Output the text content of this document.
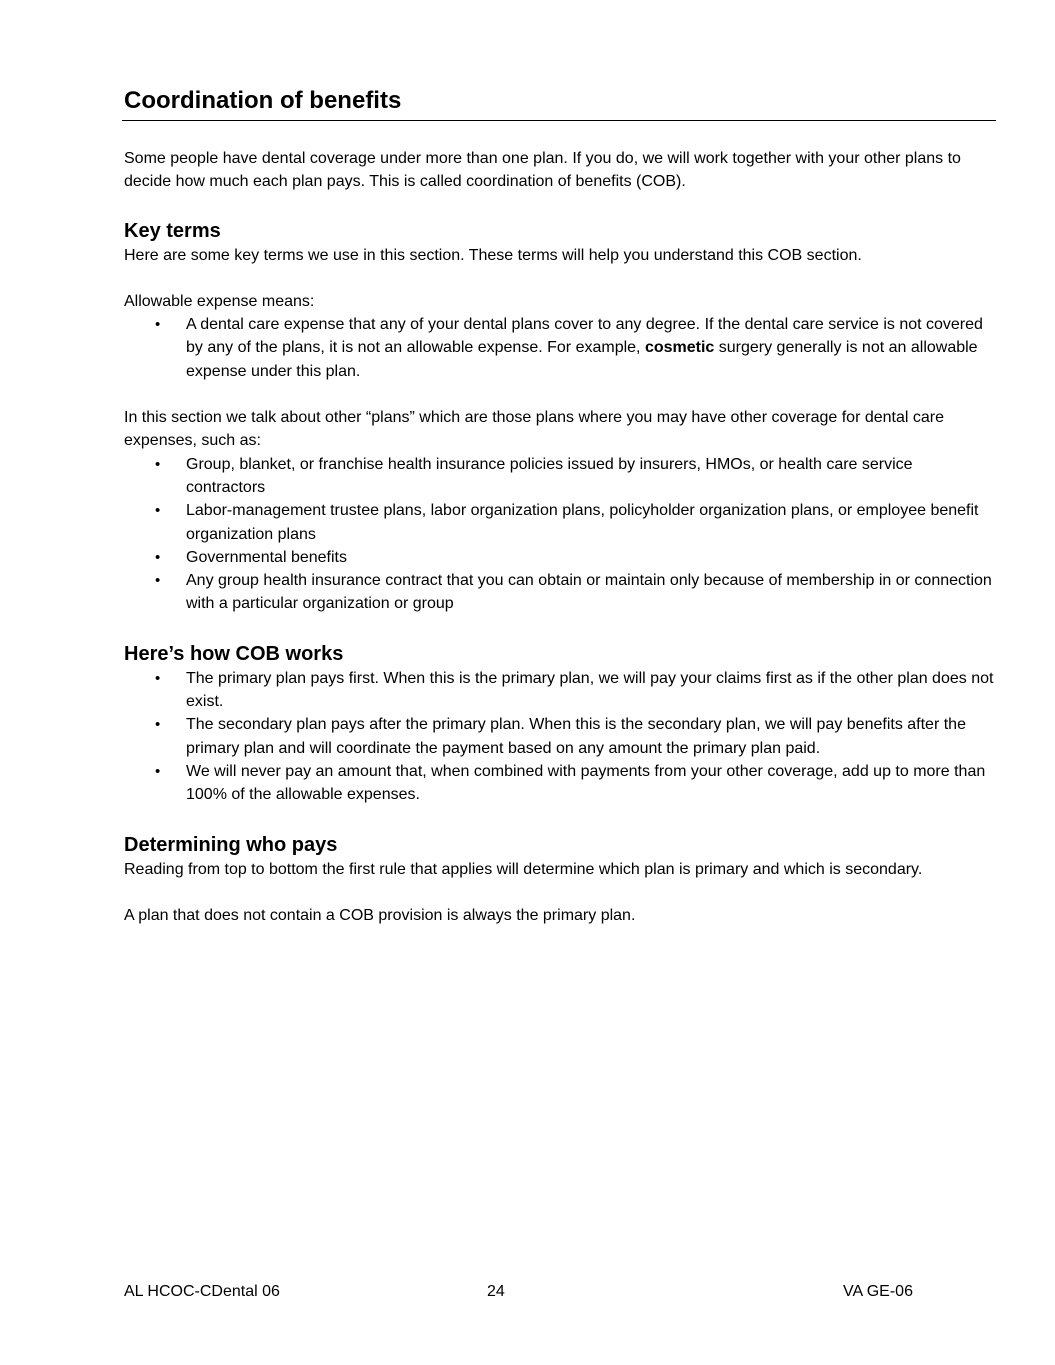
Coordination of benefits

Some people have dental coverage under more than one plan. If you do, we will work together with your other plans to decide how much each plan pays. This is called coordination of benefits (COB).

Key terms

Here are some key terms we use in this section. These terms will help you understand this COB section.

Allowable expense means:

• A dental care expense that any of your dental plans cover to any degree. If the dental care service is not covered by any of the plans, it is not an allowable expense. For example, cosmetic surgery generally is not an allowable expense under this plan.

In this section we talk about other “plans” which are those plans where you may have other coverage for dental care expenses, such as:

• Group, blanket, or franchise health insurance policies issued by insurers, HMOs, or health care service contractors
• Labor-management trustee plans, labor organization plans, policyholder organization plans, or employee benefit organization plans
• Governmental benefits
• Any group health insurance contract that you can obtain or maintain only because of membership in or connection with a particular organization or group
Here’s how COB works
• The primary plan pays first. When this is the primary plan, we will pay your claims first as if the other plan does not exist.
• The secondary plan pays after the primary plan. When this is the secondary plan, we will pay benefits after the primary plan and will coordinate the payment based on any amount the primary plan paid.
• We will never pay an amount that, when combined with payments from your other coverage, add up to more than 100% of the allowable expenses.
Determining who pays

Reading from top to bottom the first rule that applies will determine which plan is primary and which is secondary.

A plan that does not contain a COB provision is always the primary plan.

AL HCOC-CDental 06	24	VA GE-06
